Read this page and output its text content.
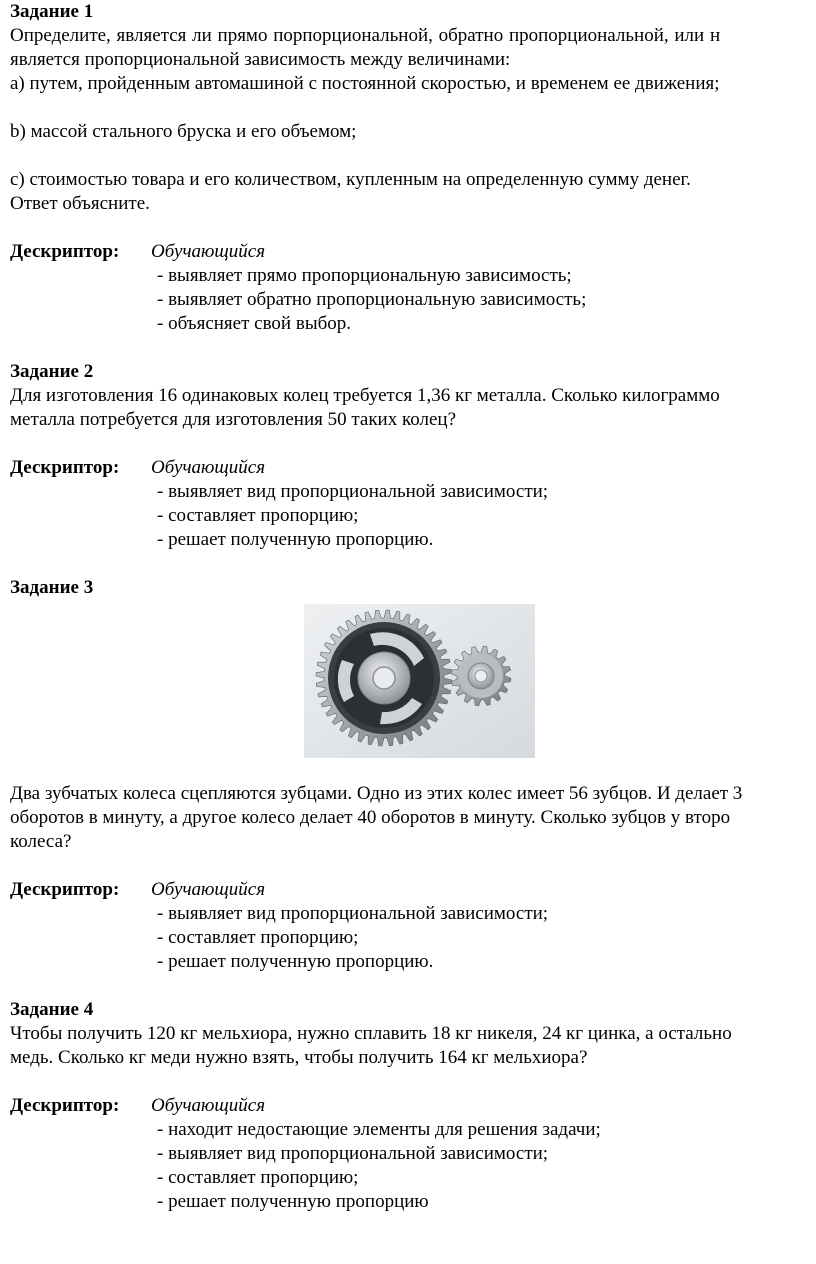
Задание 1

Определите, является ли прямо порпорциональной, обратно пропорциональной, или н

является пропорциональной зависимость между величинами:

а) путем, пройденным автомашиной с постоянной скоростью, и временем ее движения;

b) массой стального бруска и его объемом;

c) стоимостью товара и его количеством, купленным на определенную сумму денег.

Ответ объясните.

Дескриптор:	Обучающийся

- выявляет прямо пропорциональную зависимость;

- выявляет обратно пропорциональную зависимость;

- объясняет свой выбор.

Задание 2

Для изготовления 16 одинаковых колец требуется 1,36 кг металла. Сколько килограммо

металла потребуется для изготовления 50 таких колец?

Дескриптор:	Обучающийся

- выявляет вид пропорциональной зависимости;

- составляет пропорцию;

- решает полученную пропорцию.

Задание 3

Два зубчатых колеса сцепляются зубцами. Одно из этих колес имеет 56 зубцов. И делает 3

оборотов в минуту, а другое колесо делает 40 оборотов в минуту. Сколько зубцов у второ

колеса?

Дескриптор:	Обучающийся

- выявляет вид пропорциональной зависимости;

- составляет пропорцию;

- решает полученную пропорцию.

Задание 4

Чтобы получить 120 кг мельхиора, нужно сплавить 18 кг никеля, 24 кг цинка, а остально

медь. Сколько кг меди нужно взять, чтобы получить 164 кг мельхиора?

Дескриптор:	Обучающийся

- находит недостающие элементы для решения задачи;

- выявляет вид пропорциональной зависимости;

- составляет пропорцию;

- решает полученную пропорцию
